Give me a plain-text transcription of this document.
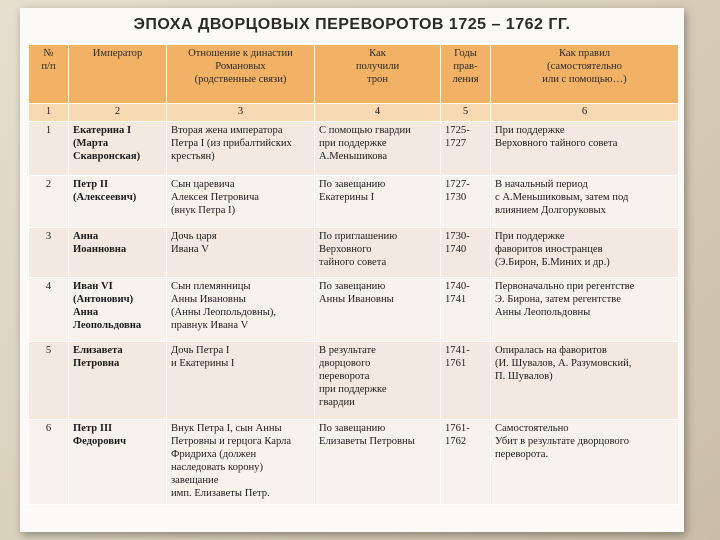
ЭПОХА ДВОРЦОВЫХ ПЕРЕВОРОТОВ 1725 – 1762 ГГ.
№
п/п	Император	Отношение к династии
Романовых
(родственные связи)	Как
получили
трон	Годы
прав-
ления	Как правил
(самостоятельно
или с помощью…)
1	2	3	4	5	6
1	Екатерина I
(Марта
Скавронская)	Вторая жена императора
Петра I (из прибалтийских
крестьян)	С помощью гвардии
при поддержке
А.Меньшикова	1725-
1727	При поддержке
Верховного тайного совета
2	Петр II
(Алексеевич)	Сын царевича
Алексея Петровича
(внук Петра I)	По завещанию
Екатерины I	1727-
1730	В начальный период
с А.Меньшиковым, затем под
влиянием Долгоруковых
3	Анна
Иоанновна	Дочь царя
Ивана V	По приглашению
Верховного
тайного совета	1730-
1740	При поддержке
фаворитов иностранцев
(Э.Бирон, Б.Миних и др.)
4	Иван VI
(Антонович)
Анна
Леопольдовна	Сын племянницы
Анны Ивановны
(Анны Леопольдовны),
правнук Ивана V	По завещанию
Анны Ивановны	1740-
1741	Первоначально при регентстве
Э. Бирона, затем регентстве
Анны Леопольдовны
5	Елизавета
Петровна	Дочь Петра I
и Екатерины I	В результате
дворцового
переворота
при поддержке
гвардии	1741-
1761	Опиралась на фаворитов
(И. Шувалов, А. Разумовский,
П. Шувалов)
6	Петр III
Федорович	Внук Петра I, сын Анны
Петровны и герцога Карла
Фридриха (должен
наследовать корону) завещание
имп. Елизаветы Петр.	По завещанию
Елизаветы Петровны	1761-
1762	Самостоятельно
Убит в результате дворцового
переворота.
